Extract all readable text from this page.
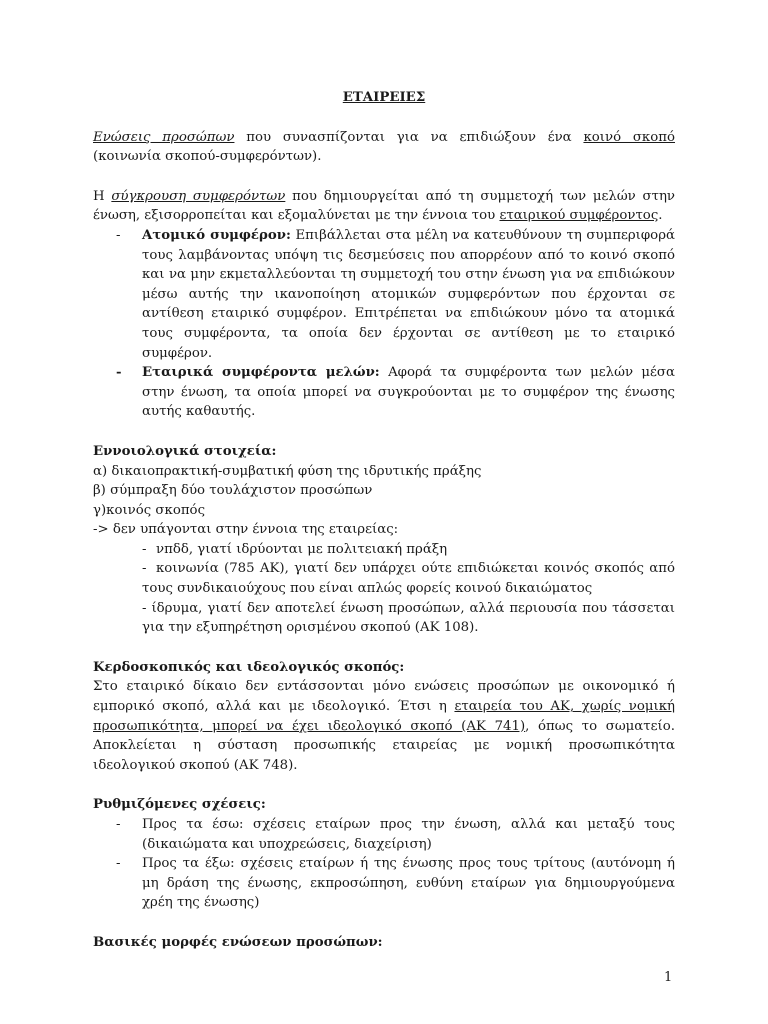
ΕΤΑΙΡΕΙΕΣ

Ενώσεις προσώπων που συνασπίζονται για να επιδιώξουν ένα κοινό σκοπό (κοινωνία σκοπού-συμφερόντων).

Η σύγκρουση συμφερόντων που δημιουργείται από τη συμμετοχή των μελών στην ένωση, εξισορροπείται και εξομαλύνεται με την έννοια του εταιρικού συμφέροντος.

- Ατομικό συμφέρον: Επιβάλλεται στα μέλη να κατευθύνουν τη συμπεριφορά τους λαμβάνοντας υπόψη τις δεσμεύσεις που απορρέουν από το κοινό σκοπό και να μην εκμεταλλεύονται τη συμμετοχή του στην ένωση για να επιδιώκουν μέσω αυτής την ικανοποίηση ατομικών συμφερόντων που έρχονται σε αντίθεση εταιρικό συμφέρον. Επιτρέπεται να επιδιώκουν μόνο τα ατομικά τους συμφέροντα, τα οποία δεν έρχονται σε αντίθεση με το εταιρικό συμφέρον.
- Εταιρικά συμφέροντα μελών: Αφορά τα συμφέροντα των μελών μέσα στην ένωση, τα οποία μπορεί να συγκρούονται με το συμφέρον της ένωσης αυτής καθαυτής.

Εννοιολογικά στοιχεία:

α) δικαιοπρακτική-συμβατική φύση της ιδρυτικής πράξης

β) σύμπραξη δύο τουλάχιστον προσώπων

γ)κοινός σκοπός

-> δεν υπάγονται στην έννοια της εταιρείας:

- νπδδ, γιατί ιδρύονται με πολιτειακή πράξη
- κοινωνία (785 ΑΚ), γιατί δεν υπάρχει ούτε επιδιώκεται κοινός σκοπός από τους συνδικαιούχους που είναι απλώς φορείς κοινού δικαιώματος

- ίδρυμα, γιατί δεν αποτελεί ένωση προσώπων, αλλά περιουσία που τάσσεται για την εξυπηρέτηση ορισμένου σκοπού (ΑΚ 108).

Κερδοσκοπικός και ιδεολογικός σκοπός:

Στο εταιρικό δίκαιο δεν εντάσσονται μόνο ενώσεις προσώπων με οικονομικό ή εμπορικό σκοπό, αλλά και με ιδεολογικό. Έτσι η εταιρεία του ΑΚ, χωρίς νομική προσωπικότητα, μπορεί να έχει ιδεολογικό σκοπό (ΑΚ 741), όπως το σωματείο. Αποκλείεται η σύσταση προσωπικής εταιρείας με νομική προσωπικότητα ιδεολογικού σκοπού (ΑΚ 748).

Ρυθμιζόμενες σχέσεις:

- Προς τα έσω: σχέσεις εταίρων προς την ένωση, αλλά και μεταξύ τους (δικαιώματα και υποχρεώσεις, διαχείριση)
- Προς τα έξω: σχέσεις εταίρων ή της ένωσης προς τους τρίτους (αυτόνομη ή μη δράση της ένωσης, εκπροσώπηση, ευθύνη εταίρων για δημιουργούμενα χρέη της ένωσης)

Βασικές μορφές ενώσεων προσώπων:

1
